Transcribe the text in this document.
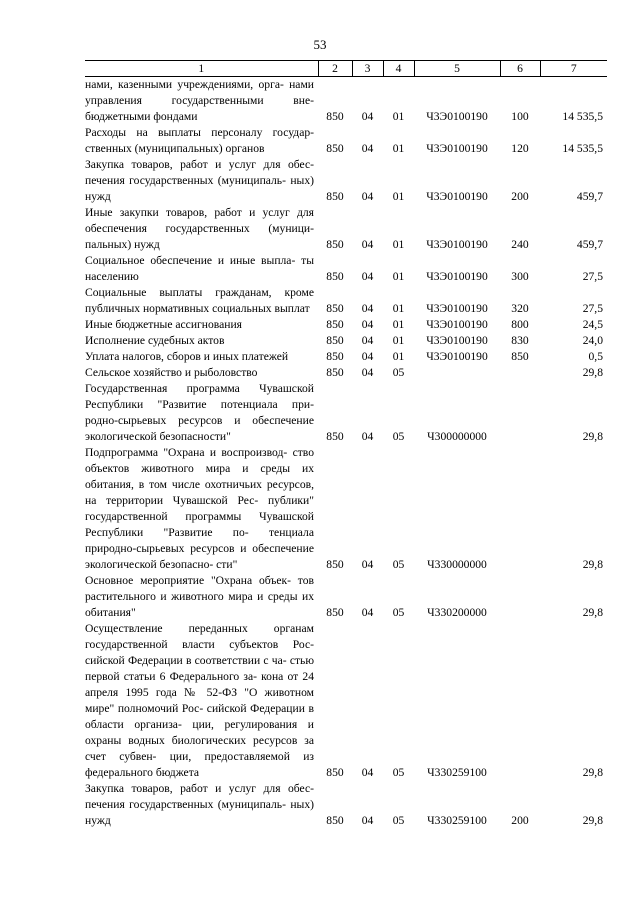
53
1	2	3	4	5	6	7
нами, казенными учреждениями, орга- нами управления государственными вне- бюджетными фондами	850	04	01	Ч3Э0100190	100	14 535,5
Расходы на выплаты персоналу государ- ственных (муниципальных) органов	850	04	01	Ч3Э0100190	120	14 535,5
Закупка товаров, работ и услуг для обес- печения государственных (муниципаль- ных) нужд	850	04	01	Ч3Э0100190	200	459,7
Иные закупки товаров, работ и услуг для обеспечения государственных (муници- пальных) нужд	850	04	01	Ч3Э0100190	240	459,7
Социальное обеспечение и иные выпла- ты населению	850	04	01	Ч3Э0100190	300	27,5
Социальные выплаты гражданам, кроме публичных нормативных социальных выплат	850	04	01	Ч3Э0100190	320	27,5
Иные бюджетные ассигнования	850	04	01	Ч3Э0100190	800	24,5
Исполнение судебных актов	850	04	01	Ч3Э0100190	830	24,0
Уплата налогов, сборов и иных платежей	850	04	01	Ч3Э0100190	850	0,5
Сельское хозяйство и рыболовство	850	04	05			29,8
Государственная программа Чувашской Республики "Развитие потенциала при- родно-сырьевых ресурсов и обеспечение экологической безопасности"	850	04	05	Ч300000000		29,8
Подпрограмма "Охрана и воспроизвод- ство объектов животного мира и среды их обитания, в том числе охотничьих ресурсов, на территории Чувашской Рес- публики" государственной программы Чувашской Республики "Развитие по- тенциала природно-сырьевых ресурсов и обеспечение экологической безопасно- сти"	850	04	05	Ч330000000		29,8
Основное мероприятие "Охрана объек- тов растительного и животного мира и среды их обитания"	850	04	05	Ч330200000		29,8
Осуществление переданных органам государственной власти субъектов Рос- сийской Федерации в соответствии с ча- стью первой статьи 6 Федерального за- кона от 24 апреля 1995 года № 52-ФЗ "О животном мире" полномочий Рос- сийской Федерации в области организа- ции, регулирования и охраны водных биологических ресурсов за счет субвен- ции, предоставляемой из федерального бюджета	850	04	05	Ч330259100		29,8
Закупка товаров, работ и услуг для обес- печения государственных (муниципаль- ных) нужд	850	04	05	Ч330259100	200	29,8
